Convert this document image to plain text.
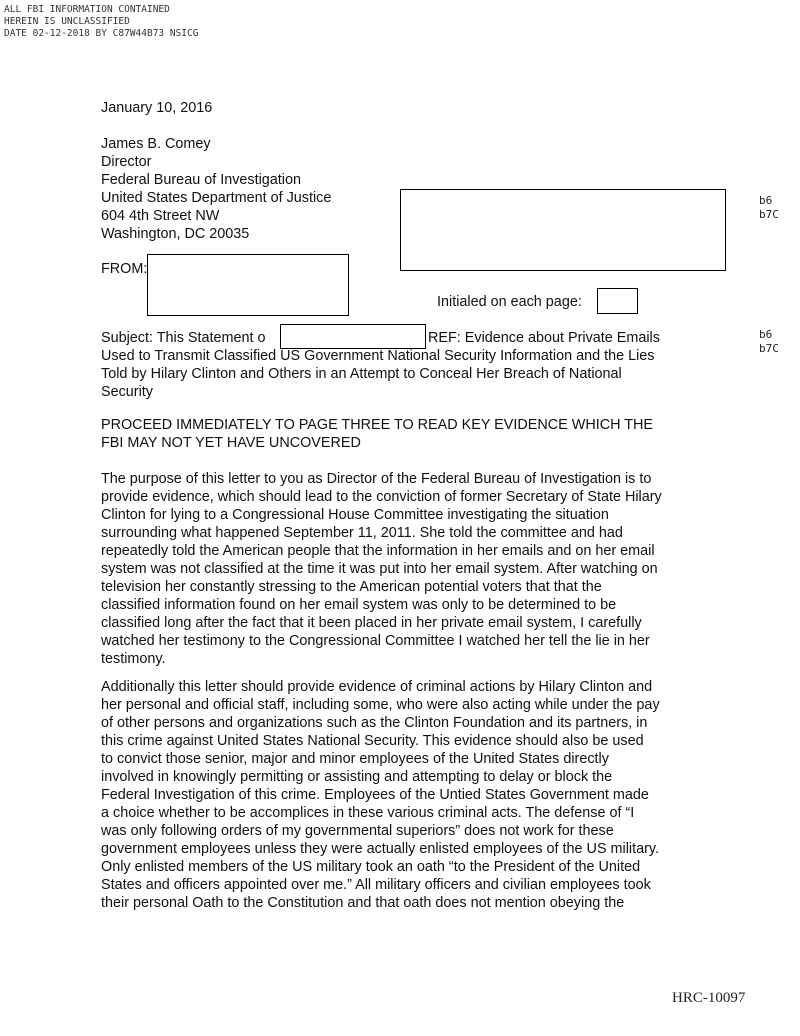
ALL FBI INFORMATION CONTAINED
HEREIN IS UNCLASSIFIED
DATE 02-12-2018 BY C87W44B73 NSICG
January 10, 2016
James B. Comey
Director
Federal Bureau of Investigation
United States Department of Justice
604 4th Street NW
Washington, DC 20035
b6
b7C
FROM:
Initialed on each page:
Subject: This Statement o	REF: Evidence about Private Emails
Used to Transmit Classified US Government National Security Information and the Lies
Told by Hilary Clinton and Others in an Attempt to Conceal Her Breach of National
Security
b6
b7C
PROCEED IMMEDIATELY TO PAGE THREE TO READ KEY EVIDENCE WHICH THE
FBI MAY NOT YET HAVE UNCOVERED
The purpose of this letter to you as Director of the Federal Bureau of Investigation is to
provide evidence, which should lead to the conviction of former Secretary of State Hilary
Clinton for lying to a Congressional House Committee investigating the situation
surrounding what happened September 11, 2011. She told the committee and had
repeatedly told the American people that the information in her emails and on her email
system was not classified at the time it was put into her email system. After watching on
television her constantly stressing to the American potential voters that that the
classified information found on her email system was only to be determined to be
classified long after the fact that it been placed in her private email system, I carefully
watched her testimony to the Congressional Committee I watched her tell the lie in her
testimony.
Additionally this letter should provide evidence of criminal actions by Hilary Clinton and
her personal and official staff, including some, who were also acting while under the pay
of other persons and organizations such as the Clinton Foundation and its partners, in
this crime against United States National Security. This evidence should also be used
to convict those senior, major and minor employees of the United States directly
involved in knowingly permitting or assisting and attempting to delay or block the
Federal Investigation of this crime. Employees of the Untied States Government made
a choice whether to be accomplices in these various criminal acts. The defense of “I
was only following orders of my governmental superiors” does not work for these
government employees unless they were actually enlisted employees of the US military.
Only enlisted members of the US military took an oath “to the President of the United
States and officers appointed over me.” All military officers and civilian employees took
their personal Oath to the Constitution and that oath does not mention obeying the
HRC-10097
